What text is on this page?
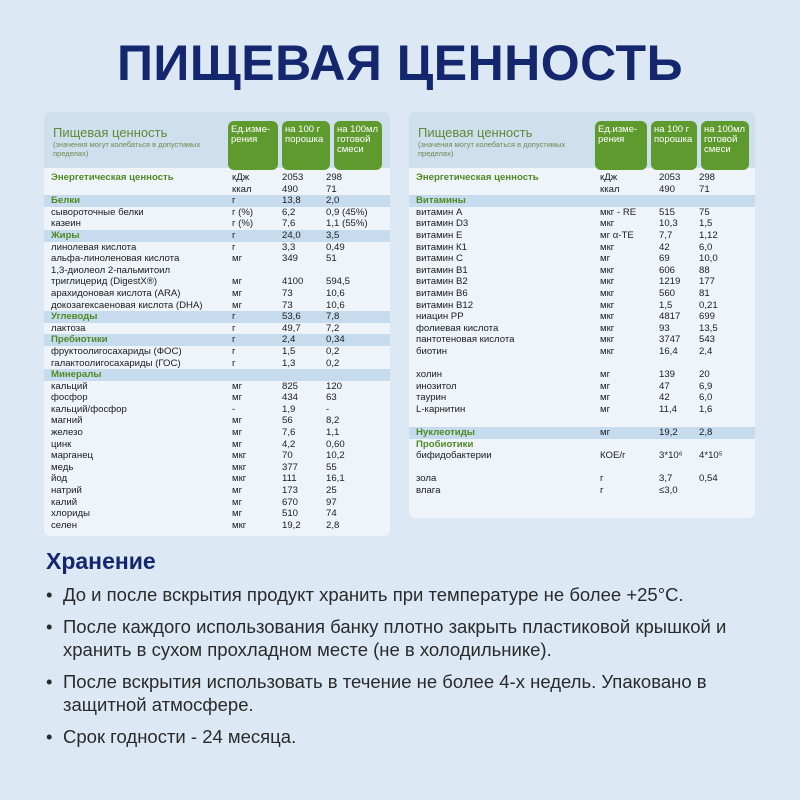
ПИЩЕВАЯ ЦЕННОСТЬ
Пищевая ценность
(значения могут колебаться в допустимых пределах)
Ед.изме-рения
на 100 г порошка
на 100мл готовой смеси
Энергетическая ценность	кДж	2053 298
ккал	490	71
Белки	г	13,8	2,0
сывороточные белки	г (%)	6,2	0,9 (45%)
казеин	г (%)	7,6	1,1 (55%)
Жиры	г	24,0	3,5
линолевая кислота	г	3,3	0,49
альфа-линоленовая кислота	мг	349	51
1,3-диолеол 2-пальмитоил
триглицерид (DigestX®)	мг	4100 594,5
арахидоновая кислота (ARA)	мг	73	10,6
докозагексаеновая кислота (DHA)	мг	73	10,6
Углеводы	г	53,6	7,8
лактоза	г	49,7	7,2
Пребиотики	г	2,4	0,34
фруктоолигосахариды (ФОС)	г	1,5	0,2
галактоолигосахариды (ГОС)	г	1,3	0,2
Минералы
кальций	мг	825	120
фосфор	мг	434	63
кальций/фосфор	-	1,9	-
магний	мг	56	8,2
железо	мг	7,6	1,1
цинк	мг	4,2	0,60
марганец	мкг	70	10,2
медь	мкг	377	55
йод	мкг	111	16,1
натрий	мг	173	25
калий	мг	670	97
хлориды	мг	510	74
селен	мкг	19,2	2,8
Пищевая ценность
(значения могут колебаться в допустимых пределах)
Ед.изме-рения
на 100 г порошка
на 100мл готовой смеси
Энергетическая ценность	кДж	2053 298
ккал	490 71
Витамины
витамин А	мкг - RE 515 75
витамин D3	мкг	10,3 1,5
витамин Е	мг α-TE	7,7	1,12
витамин К1	мкг	42	6,0
витамин С	мг	69	10,0
витамин В1	мкг	606 88
витамин В2	мкг	1219 177
витамин В6	мкг	560 81
витамин В12	мкг	1,5	0,21
ниацин РР	мкг	4817 699
фолиевая кислота	мкг	93	13,5
пантотеновая кислота	мкг	3747 543
биотин	мкг	16,4 2,4
холин	мг	139 20
инозитол	мг	47	6,9
таурин	мг	42	6,0
L-карнитин	мг	11,4 1,6
Нуклеотиды	мг	19,2 2,8
Пробиотики
бифидобактерии	КОЕ/г	3*10⁶ 4*10⁵
зола	г	3,7	0,54
влага	г	≤3,0
Хранение
• До и после вскрытия продукт хранить при температуре не более +25°С.
• После каждого использования банку плотно закрыть пластиковой крышкой и хранить в сухом прохладном месте (не в холодильнике).
• После вскрытия использовать в течение не более 4-х недель. Упаковано в защитной атмосфере.
• Срок годности - 24 месяца.
